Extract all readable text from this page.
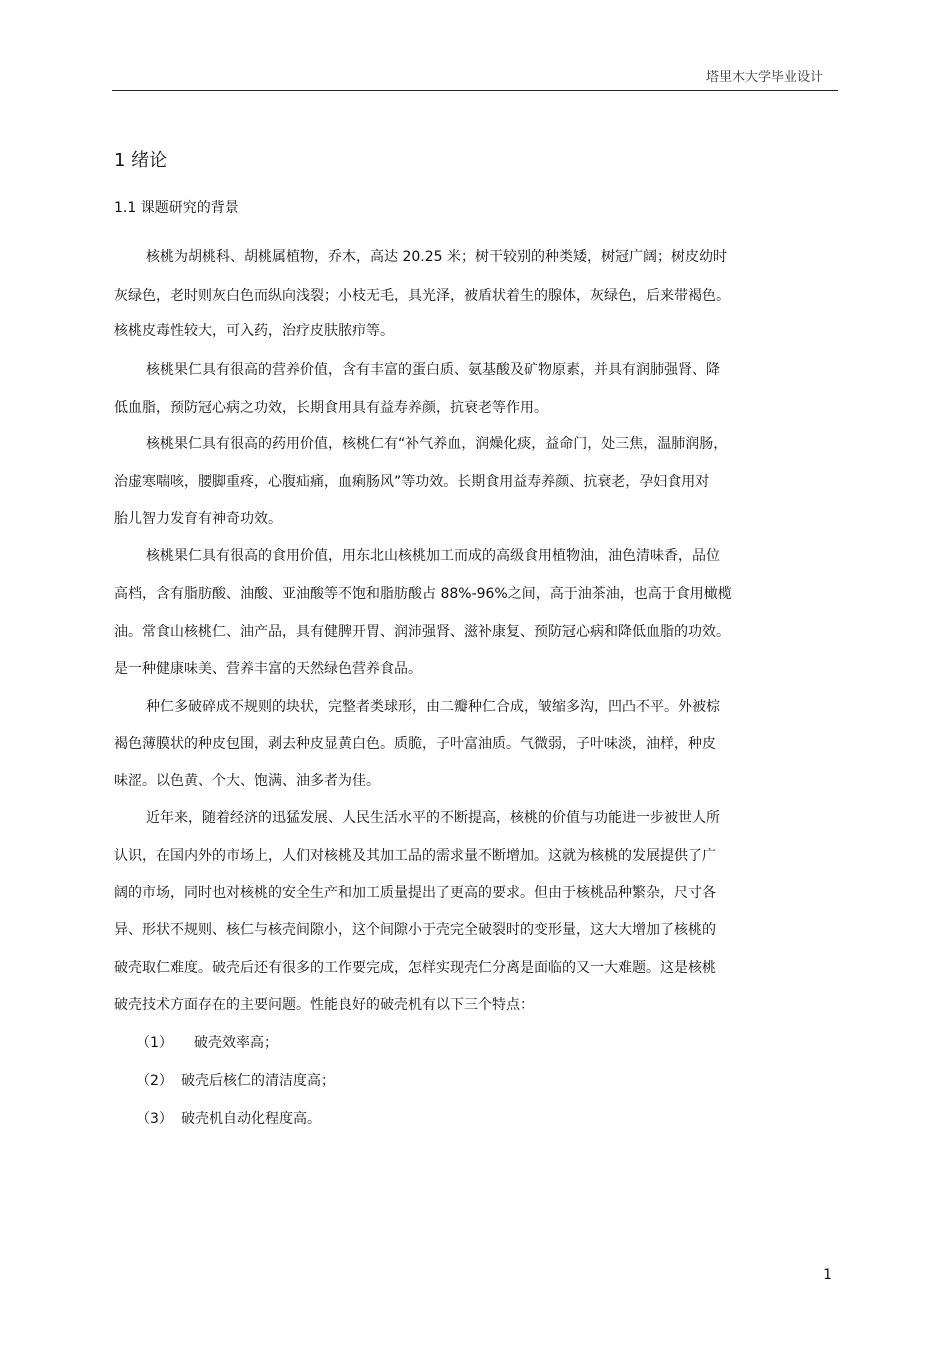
塔里木大学毕业设计
1 绪论
1.1 课题研究的背景
核桃为胡桃科、胡桃属植物，乔木，高达 20.25 米；树干较别的种类矮，树冠广阔；树皮幼时
灰绿色，老时则灰白色而纵向浅裂；小枝无毛，具光泽，被盾状着生的腺体，灰绿色，后来带褐色。
核桃皮毒性较大，可入药，治疗皮肤脓疖等。
核桃果仁具有很高的营养价值，含有丰富的蛋白质、氨基酸及矿物原素，并具有润肺强肾、降
低血脂，预防冠心病之功效，长期食用具有益寿养颜，抗衰老等作用。
核桃果仁具有很高的药用价值，核桃仁有“补气养血，润燥化痰，益命门，处三焦，温肺润肠，
治虚寒喘咳，腰脚重疼，心腹疝痛，血痢肠风”等功效。长期食用益寿养颜、抗衰老，孕妇食用对
胎儿智力发育有神奇功效。
核桃果仁具有很高的食用价值，用东北山核桃加工而成的高级食用植物油，油色清味香，品位
高档，含有脂肪酸、油酸、亚油酸等不饱和脂肪酸占 88%-96%之间，高于油茶油，也高于食用橄榄
油。常食山核桃仁、油产品，具有健脾开胃、润沛强肾、滋补康复、预防冠心病和降低血脂的功效。
是一种健康味美、营养丰富的天然绿色营养食品。
种仁多破碎成不规则的块状，完整者类球形，由二瓣种仁合成，皱缩多沟，凹凸不平。外被棕
褐色薄膜状的种皮包围，剥去种皮显黄白色。质脆，子叶富油质。气微弱，子叶味淡，油样，种皮
味涩。以色黄、个大、饱满、油多者为佳。
近年来，随着经济的迅猛发展、人民生活水平的不断提高，核桃的价值与功能进一步被世人所
认识，在国内外的市场上，人们对核桃及其加工品的需求量不断增加。这就为核桃的发展提供了广
阔的市场，同时也对核桃的安全生产和加工质量提出了更高的要求。但由于核桃品种繁杂，尺寸各
异、形状不规则、核仁与核壳间隙小，这个间隙小于壳完全破裂时的变形量，这大大增加了核桃的
破壳取仁难度。破壳后还有很多的工作要完成，怎样实现壳仁分离是面临的又一大难题。这是核桃
破壳技术方面存在的主要问题。性能良好的破壳机有以下三个特点：
（1） 破壳效率高；
（2） 破壳后核仁的清洁度高；
（3） 破壳机自动化程度高。
1
